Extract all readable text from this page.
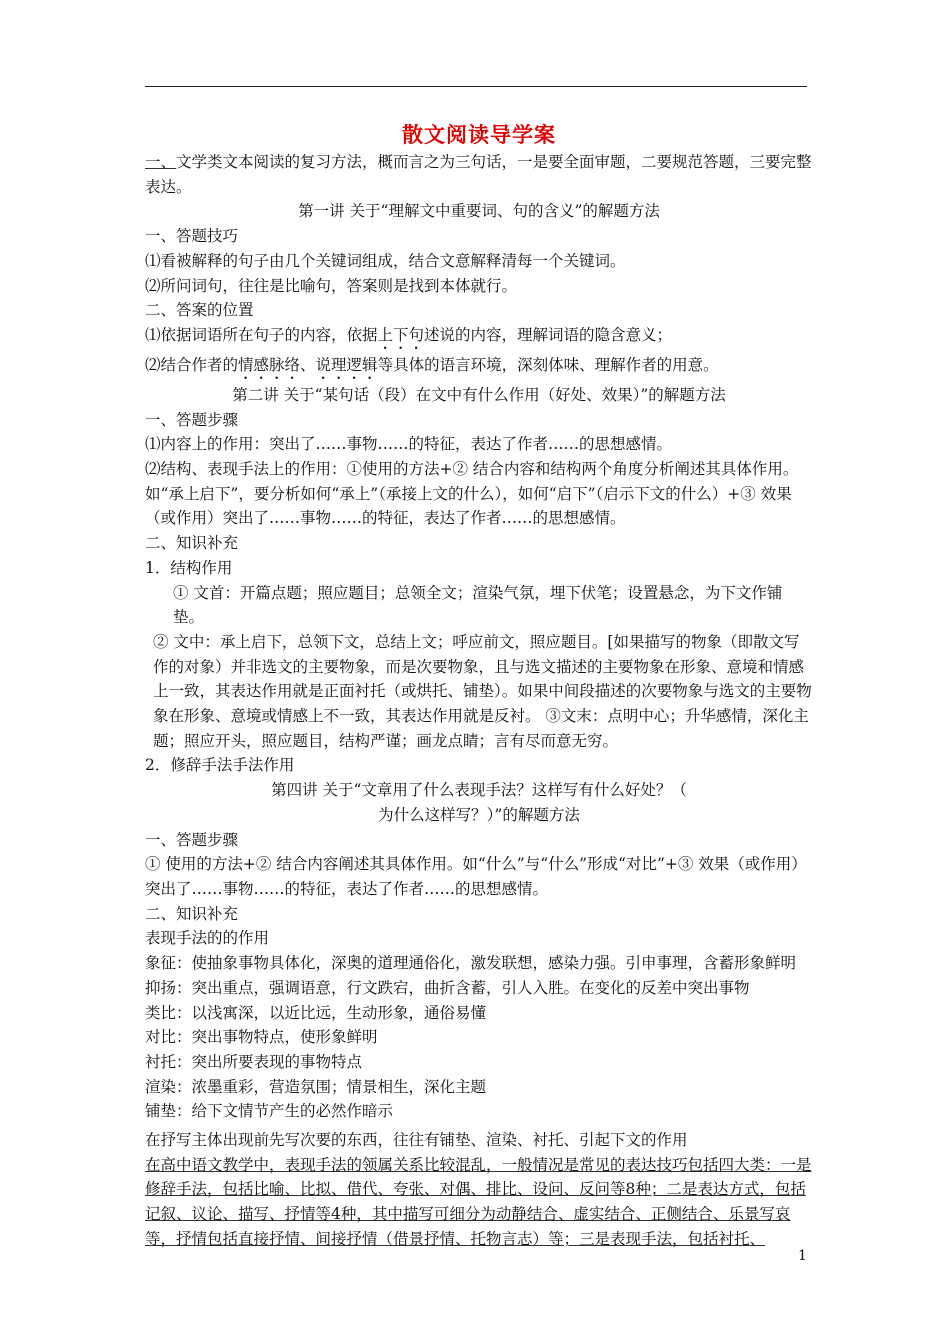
散文阅读导学案

一、文学类文本阅读的复习方法，概而言之为三句话，一是要全面审题，二要规范答题，三要完整表达。

第一讲 关于“理解文中重要词、句的含义”的解题方法

一、答题技巧

⑴看被解释的句子由几个关键词组成，结合文意解释清每一个关键词。

⑵所问词句，往往是比喻句，答案则是找到本体就行。

二、答案的位置

⑴依据词语所在句子的内容，依据上下句述说的内容，理解词语的隐含意义；

⑵结合作者的情感脉络、说理逻辑等具体的语言环境，深刻体味、理解作者的用意。

第二讲 关于“某句话（段）在文中有什么作用（好处、效果）”的解题方法

一、答题步骤

⑴内容上的作用：突出了……事物……的特征，表达了作者……的思想感情。

⑵结构、表现手法上的作用：①使用的方法+② 结合内容和结构两个角度分析阐述其具体作用。如“承上启下”，要分析如何“承上”（承接上文的什么），如何“启下”（启示下文的什么）+③ 效果（或作用）突出了……事物……的特征，表达了作者……的思想感情。

二、知识补充

1．结构作用

① 文首：开篇点题；照应题目；总领全文；渲染气氛，埋下伏笔；设置悬念，为下文作铺垫。

② 文中：承上启下，总领下文，总结上文；呼应前文，照应题目。[如果描写的物象（即散文写作的对象）并非选文的主要物象，而是次要物象，且与选文描述的主要物象在形象、意境和情感上一致，其表达作用就是正面衬托（或烘托、铺垫）。如果中间段描述的次要物象与选文的主要物象在形象、意境或情感上不一致，其表达作用就是反衬。 ③文末：点明中心；升华感情，深化主题；照应开头，照应题目，结构严谨；画龙点睛；言有尽而意无穷。

2．修辞手法手法作用

第四讲 关于“文章用了什么表现手法？这样写有什么好处？（

为什么这样写？）”的解题方法

一、答题步骤

① 使用的方法+② 结合内容阐述其具体作用。如“什么”与“什么”形成“对比”+③ 效果（或作用）突出了……事物……的特征，表达了作者……的思想感情。

二、知识补充

表现手法的的作用

象征：使抽象事物具体化，深奥的道理通俗化，激发联想，感染力强。引申事理，含蓄形象鲜明

抑扬：突出重点，强调语意，行文跌宕，曲折含蓄，引人入胜。在变化的反差中突出事物

类比：以浅寓深，以近比远，生动形象，通俗易懂

对比：突出事物特点，使形象鲜明

衬托：突出所要表现的事物特点

渲染：浓墨重彩，营造氛围；情景相生，深化主题

铺垫：给下文情节产生的必然作暗示

在抒写主体出现前先写次要的东西，往往有铺垫、渲染、衬托、引起下文的作用

在高中语文教学中，表现手法的领属关系比较混乱，一般情况是常见的表达技巧包括四大类：一是修辞手法，包括比喻、比拟、借代、夸张、对偶、排比、设问、反问等8种；二是表达方式，包括记叙、议论、描写、抒情等4种，其中描写可细分为动静结合、虚实结合、正侧结合、乐景写哀等，抒情包括直接抒情、间接抒情（借景抒情、托物言志）等；三是表现手法，包括衬托、

1
